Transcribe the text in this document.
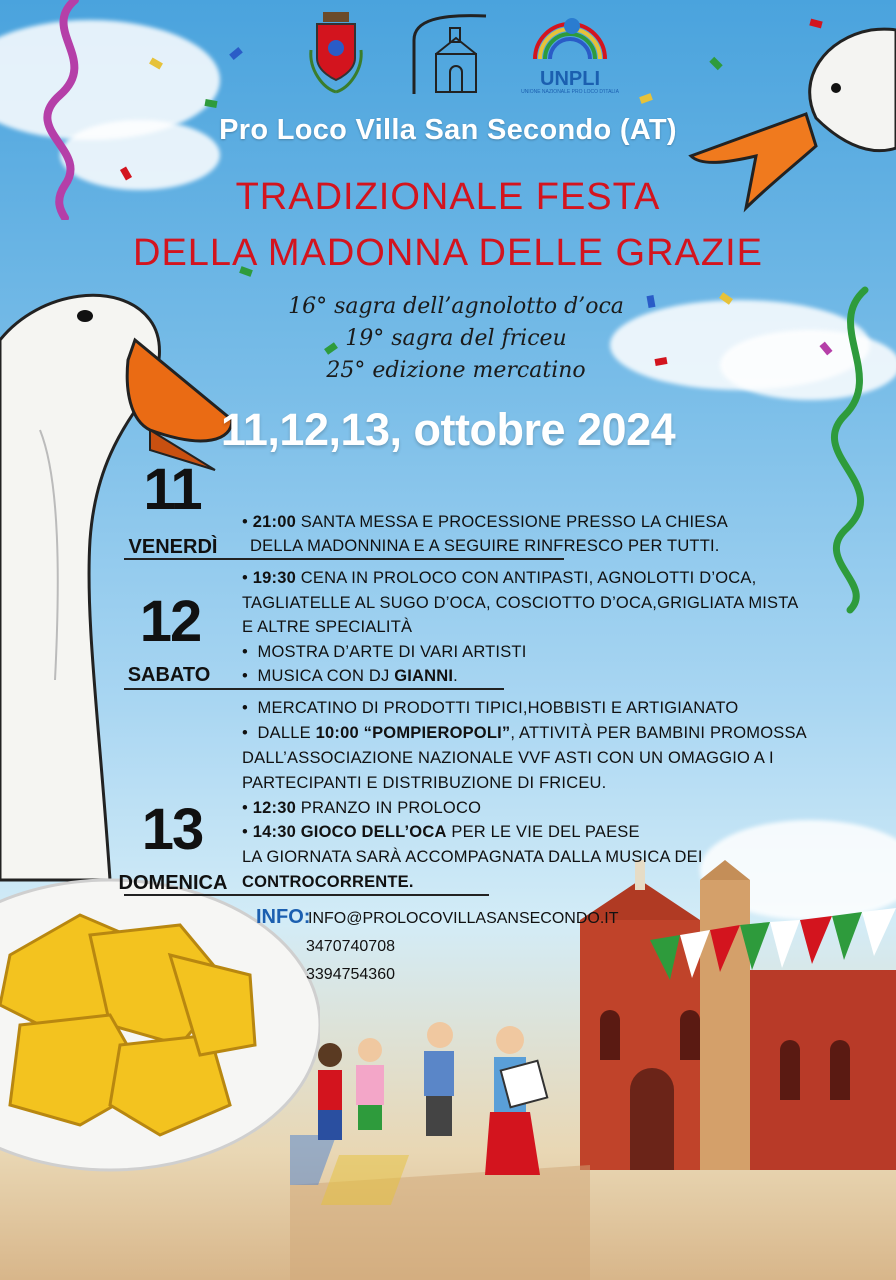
UNPLI
UNIONE NAZIONALE PRO LOCO D'ITALIA
Pro Loco Villa San Secondo (AT)
TRADIZIONALE FESTA
DELLA MADONNA DELLE GRAZIE
16° sagra dell’agnolotto d’oca
19° sagra del friceu
25° edizione mercatino
11,12,13, ottobre 2024
11
VENERDÌ
12
SABATO
13
DOMENICA
• 21:00 SANTA MESSA E PROCESSIONE PRESSO LA CHIESA
DELLA MADONNINA E A SEGUIRE RINFRESCO PER TUTTI.
• 19:30 CENA IN PROLOCO CON ANTIPASTI, AGNOLOTTI D’OCA,
TAGLIATELLE AL SUGO D’OCA, COSCIOTTO D’OCA,GRIGLIATA MISTA
E ALTRE SPECIALITÀ
•  MOSTRA D’ARTE DI VARI ARTISTI
•  MUSICA CON DJ GIANNI.
•  MERCATINO DI PRODOTTI TIPICI,HOBBISTI E ARTIGIANATO
•  DALLE 10:00 “POMPIEROPOLI”, ATTIVITÀ PER BAMBINI PROMOSSA
DALL’ASSOCIAZIONE NAZIONALE VVF ASTI CON UN OMAGGIO A I
PARTECIPANTI E DISTRIBUZIONE DI FRICEU.
• 12:30 PRANZO IN PROLOCO
• 14:30 GIOCO DELL’OCA PER LE VIE DEL PAESE
LA GIORNATA SARÀ ACCOMPAGNATA DALLA MUSICA DEI
CONTROCORRENTE.
INFO:
INFO@PROLOCOVILLASANSECONDO.IT
3470740708
3394754360
